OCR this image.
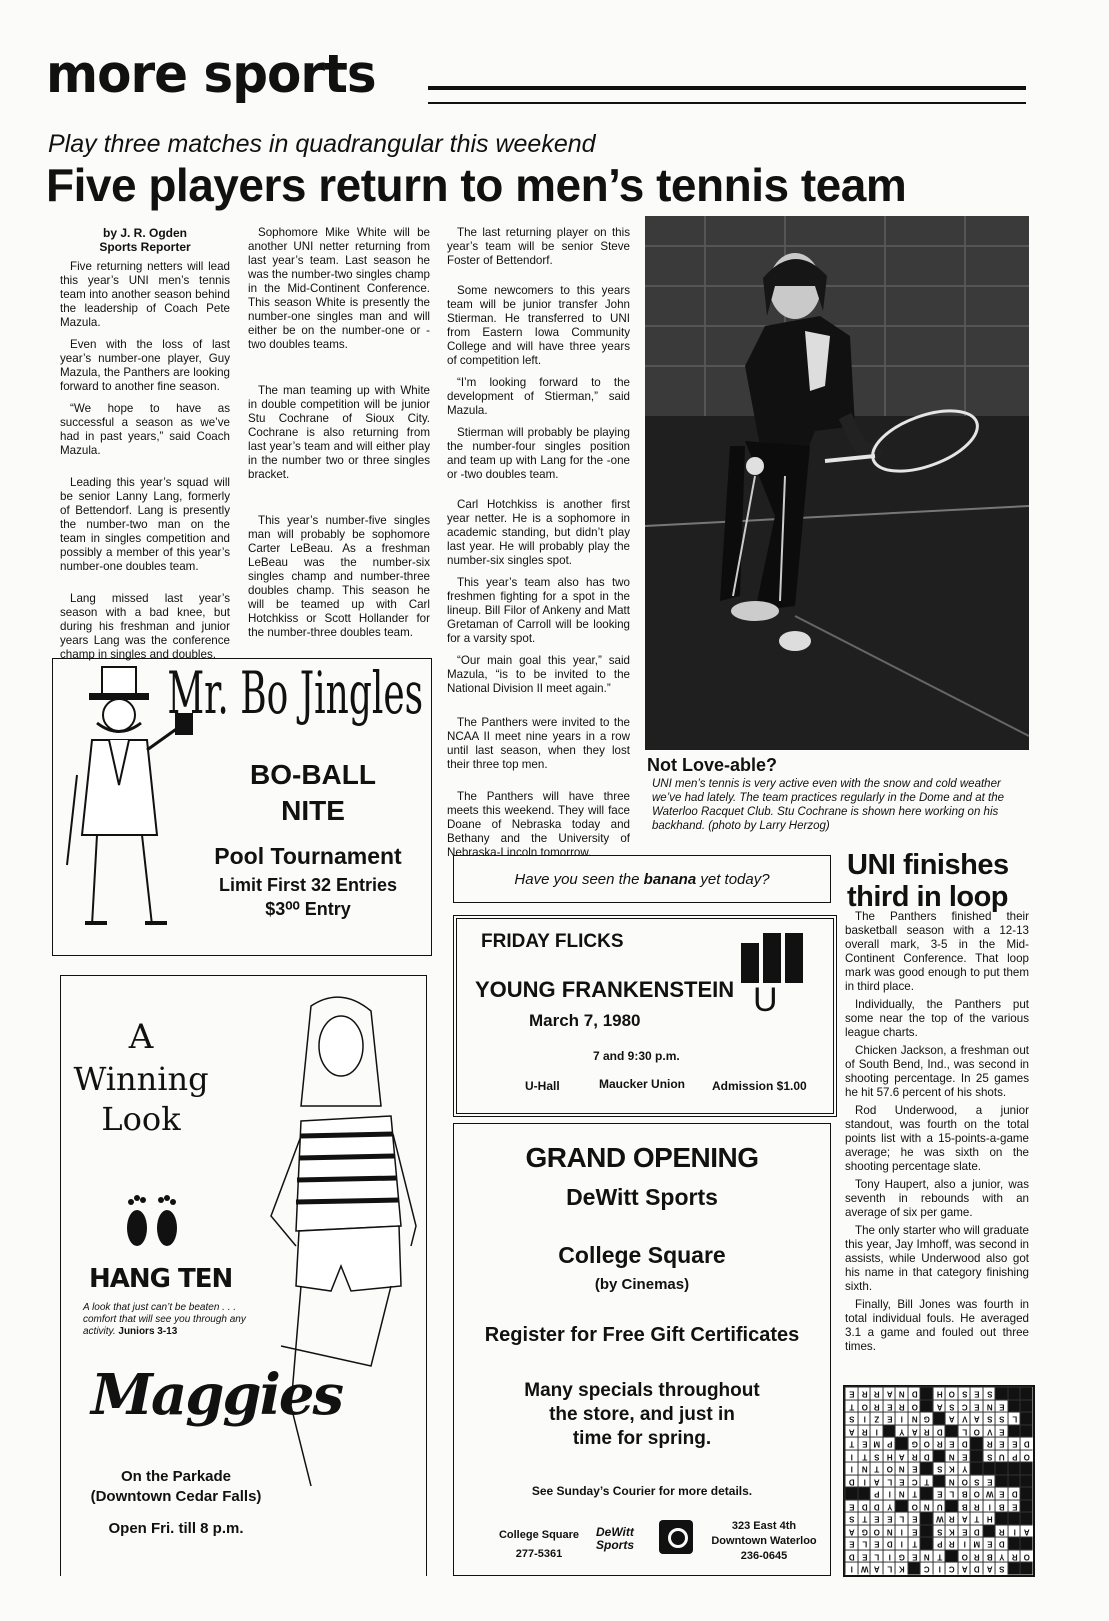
more sports
Play three matches in quadrangular this weekend
Five players return to men’s tennis team
by J. R. Ogden
Sports Reporter

Five returning netters will lead this year’s UNI men’s tennis team into another season behind the leadership of Coach Pete Mazula.

Even with the loss of last year’s number-one player, Guy Mazula, the Panthers are looking forward to another fine season.

“We hope to have as successful a season as we’ve had in past years,” said Coach Mazula.

Leading this year’s squad will be senior Lanny Lang, formerly of Bettendorf. Lang is presently the number-two man on the team in singles competition and possibly a member of this year’s number-one doubles team.

Lang missed last year’s season with a bad knee, but during his freshman and junior years Lang was the conference champ in singles and doubles.

Sophomore Mike White will be another UNI netter returning from last year’s team. Last season he was the number-two singles champ in the Mid-Continent Conference. This season White is presently the number-one singles man and will either be on the number-one or -two doubles teams.

The man teaming up with White in double competition will be junior Stu Cochrane of Sioux City. Cochrane is also returning from last year’s team and will either play in the number two or three singles bracket.

This year’s number-five singles man will probably be sophomore Carter LeBeau. As a freshman LeBeau was the number-six singles champ and number-three doubles champ. This season he will be teamed up with Carl Hotchkiss or Scott Hollander for the number-three doubles team.

The last returning player on this year’s team will be senior Steve Foster of Bettendorf.

Some newcomers to this years team will be junior transfer John Stierman. He transferred to UNI from Eastern Iowa Community College and will have three years of competition left.

“I’m looking forward to the development of Stierman,” said Mazula.

Stierman will probably be playing the number-four singles position and team up with Lang for the -one or -two doubles team.

Carl Hotchkiss is another first year netter. He is a sophomore in academic standing, but didn’t play last year. He will probably play the number-six singles spot.

This year’s team also has two freshmen fighting for a spot in the lineup. Bill Filor of Ankeny and Matt Gretaman of Carroll will be looking for a varsity spot.

“Our main goal this year,” said Mazula, “is to be invited to the National Division II meet again.”

The Panthers were invited to the NCAA II meet nine years in a row until last season, when they lost their three top men.

The Panthers will have three meets this weekend. They will face Doane of Nebraska today and Bethany and the University of Nebraska-Lincoln tomorrow.

Not Love-able?
UNI men’s tennis is very active even with the snow and cold weather we’ve had lately. The team practices regularly in the Dome and at the Waterloo Racquet Club. Stu Cochrane is shown here working on his backhand. (photo by Larry Herzog)
Mr. Bo Jingles
BO-BALL
NITE
Pool Tournament
Limit First 32 Entries
$3⁰⁰ Entry
Have you seen the banana yet today?
FRIDAY FLICKS
YOUNG FRANKENSTEIN
March 7, 1980
7 and 9:30 p.m.
U-Hall	Maucker Union Admission $1.00
U
GRAND OPENING
DeWitt Sports
College Square
(by Cinemas)
Register for Free Gift Certificates
Many specials throughout
the store, and just in
time for spring.
See Sunday’s Courier for more details.
College Square
277-5361
DeWitt Sports
323 East 4th
Downtown Waterloo
236-0645
A
Winning
Look
HANG TEN
A look that just can’t be beaten . . . comfort that will see you through any activity. Juniors 3-13
Maggies
On the Parkade
(Downtown Cedar Falls)
Open Fri. till 8 p.m.
UNI finishes
third in loop

The Panthers finished their basketball season with a 12-13 overall mark, 3-5 in the Mid-Continent Conference. That loop mark was good enough to put them in third place.

Individually, the Panthers put some near the top of the various league charts.

Chicken Jackson, a freshman out of South Bend, Ind., was second in shooting percentage. In 25 games he hit 57.6 percent of his shots.

Rod Underwood, a junior standout, was fourth on the total points list with a 15-points-a-game average; he was sixth on the shooting percentage slate.

Tony Haupert, also a junior, was seventh in rebounds with an average of six per game.

The only starter who will graduate this year, Jay Imhoff, was second in assists, while Underwood also got his name in that category finishing sixth.

Finally, Bill Jones was fourth in total individual fouls. He averaged 3.1 a game and fouled out three times.

E R R A N D	H O S E S
T O R E R O	A S C E N E
S	I	Z E	I	N G	A V A S S L
A R	I	Y A R D	L O V E
T E M P	G O R E D	R E E D
I	T S H A R D	N E	S U P O
I	N T O N E	S K Y
D	I	A L E C T	N O S E
P	I	N T	E L B O W E D
E D D Y	O N U	B R	I	B E
S T E E L E	W R A T H
A G O N	I	E	S K E D	R	I	A
E L E D	I	T	P R	I	M E D
D E L	I	G E N T	O R B Y R O
I W A L K	C	I	C A D A S
